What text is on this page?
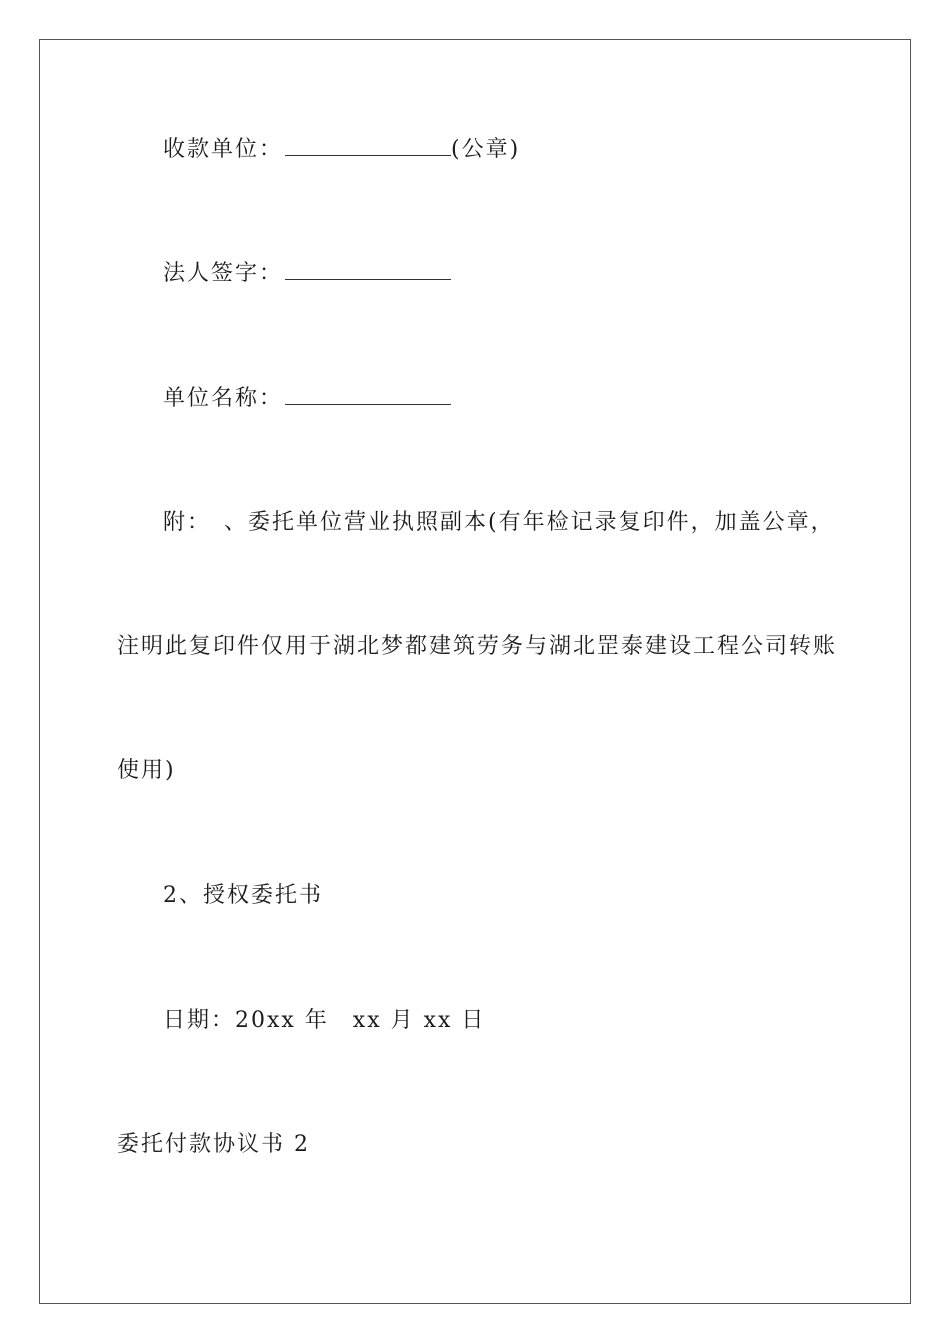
收款单位：	(公章)
法人签字：
单位名称：
附：　、委托单位营业执照副本(有年检记录复印件，加盖公章，
注明此复印件仅用于湖北梦都建筑劳务与湖北罡泰建设工程公司转账
使用)
2、授权委托书
日期：20xx 年　xx 月 xx 日
委托付款协议书 2
